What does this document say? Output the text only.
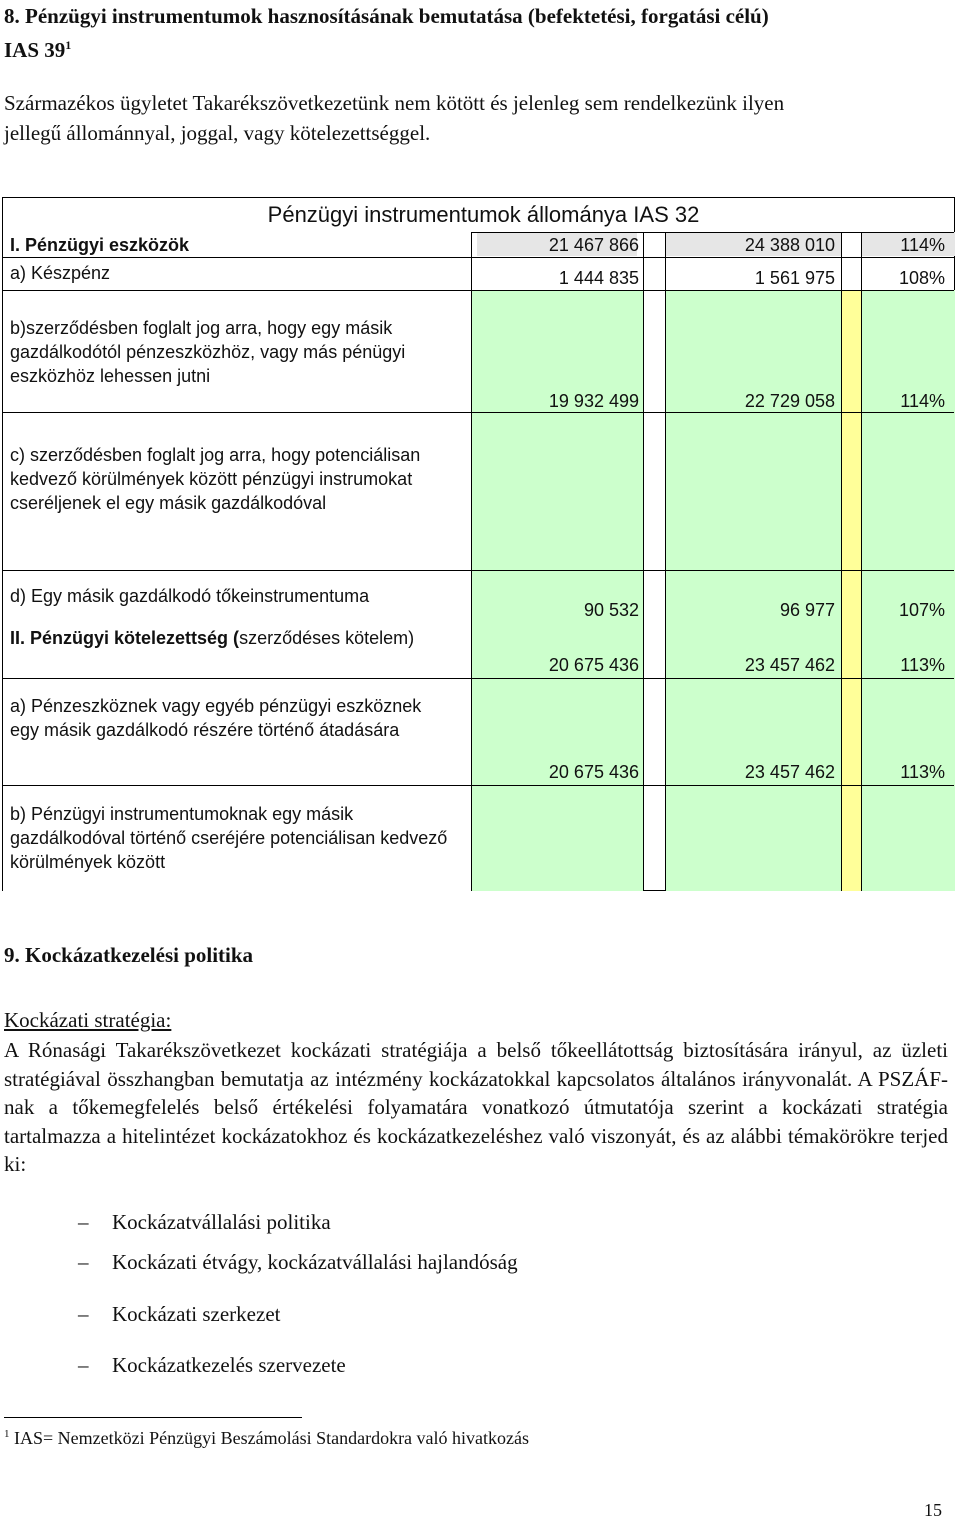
8. Pénzügyi instrumentumok hasznosításának bemutatása (befektetési, forgatási célú)
IAS $39^1$
Származékos ügyletet Takarékszövetkezetünk nem kötött és jelenleg sem rendelkezünk ilyen
jellegű állománnyal, joggal, vagy kötelezettséggel.
Pénzügyi instrumentumok állománya IAS 32
I. Pénzügyi eszközök	21 467 866	24 388 010	114%
a) Készpénz	1 444 835	1 561 975	108%
b)szerződésben foglalt jog arra, hogy egy másik gazdálkodótól pénzeszközhöz, vagy más pénügyi eszközhöz lehessen jutni
19 932 499	22 729 058	114%
c) szerződésben foglalt jog arra, hogy potenciálisan kedvező körülmények között pénzügyi instrumokat cseréljenek el egy másik gazdálkodóval
d) Egy másik gazdálkodó tőkeinstrumentuma
90 532	96 977	107%
II. Pénzügyi kötelezettség (szerződéses kötelem)
20 675 436	23 457 462	113%
a) Pénzeszköznek vagy egyéb pénzügyi eszköznek egy másik gazdálkodó részére történő átadására
20 675 436	23 457 462	113%
b) Pénzügyi instrumentumoknak egy másik gazdálkodóval történő cseréjére potenciálisan kedvező körülmények között
9. Kockázatkezelési politika
Kockázati stratégia:
A Rónasági Takarékszövetkezet kockázati stratégiája a belső tőkeellátottság biztosítására irányul, az üzleti stratégiával összhangban bemutatja az intézmény kockázatokkal kapcsolatos általános irányvonalát. A PSZÁF-nak a tőkemegfelelés belső értékelési folyamatára vonatkozó útmutatója szerint a kockázati stratégia tartalmazza a hitelintézet kockázatokhoz és kockázatkezeléshez való viszonyát, és az alábbi témakörökre terjed ki:
– Kockázatvállalási politika
– Kockázati étvágy, kockázatvállalási hajlandóság
– Kockázati szerkezet
– Kockázatkezelés szervezete
$^1$ IAS= Nemzetközi Pénzügyi Beszámolási Standardokra való hivatkozás
15
